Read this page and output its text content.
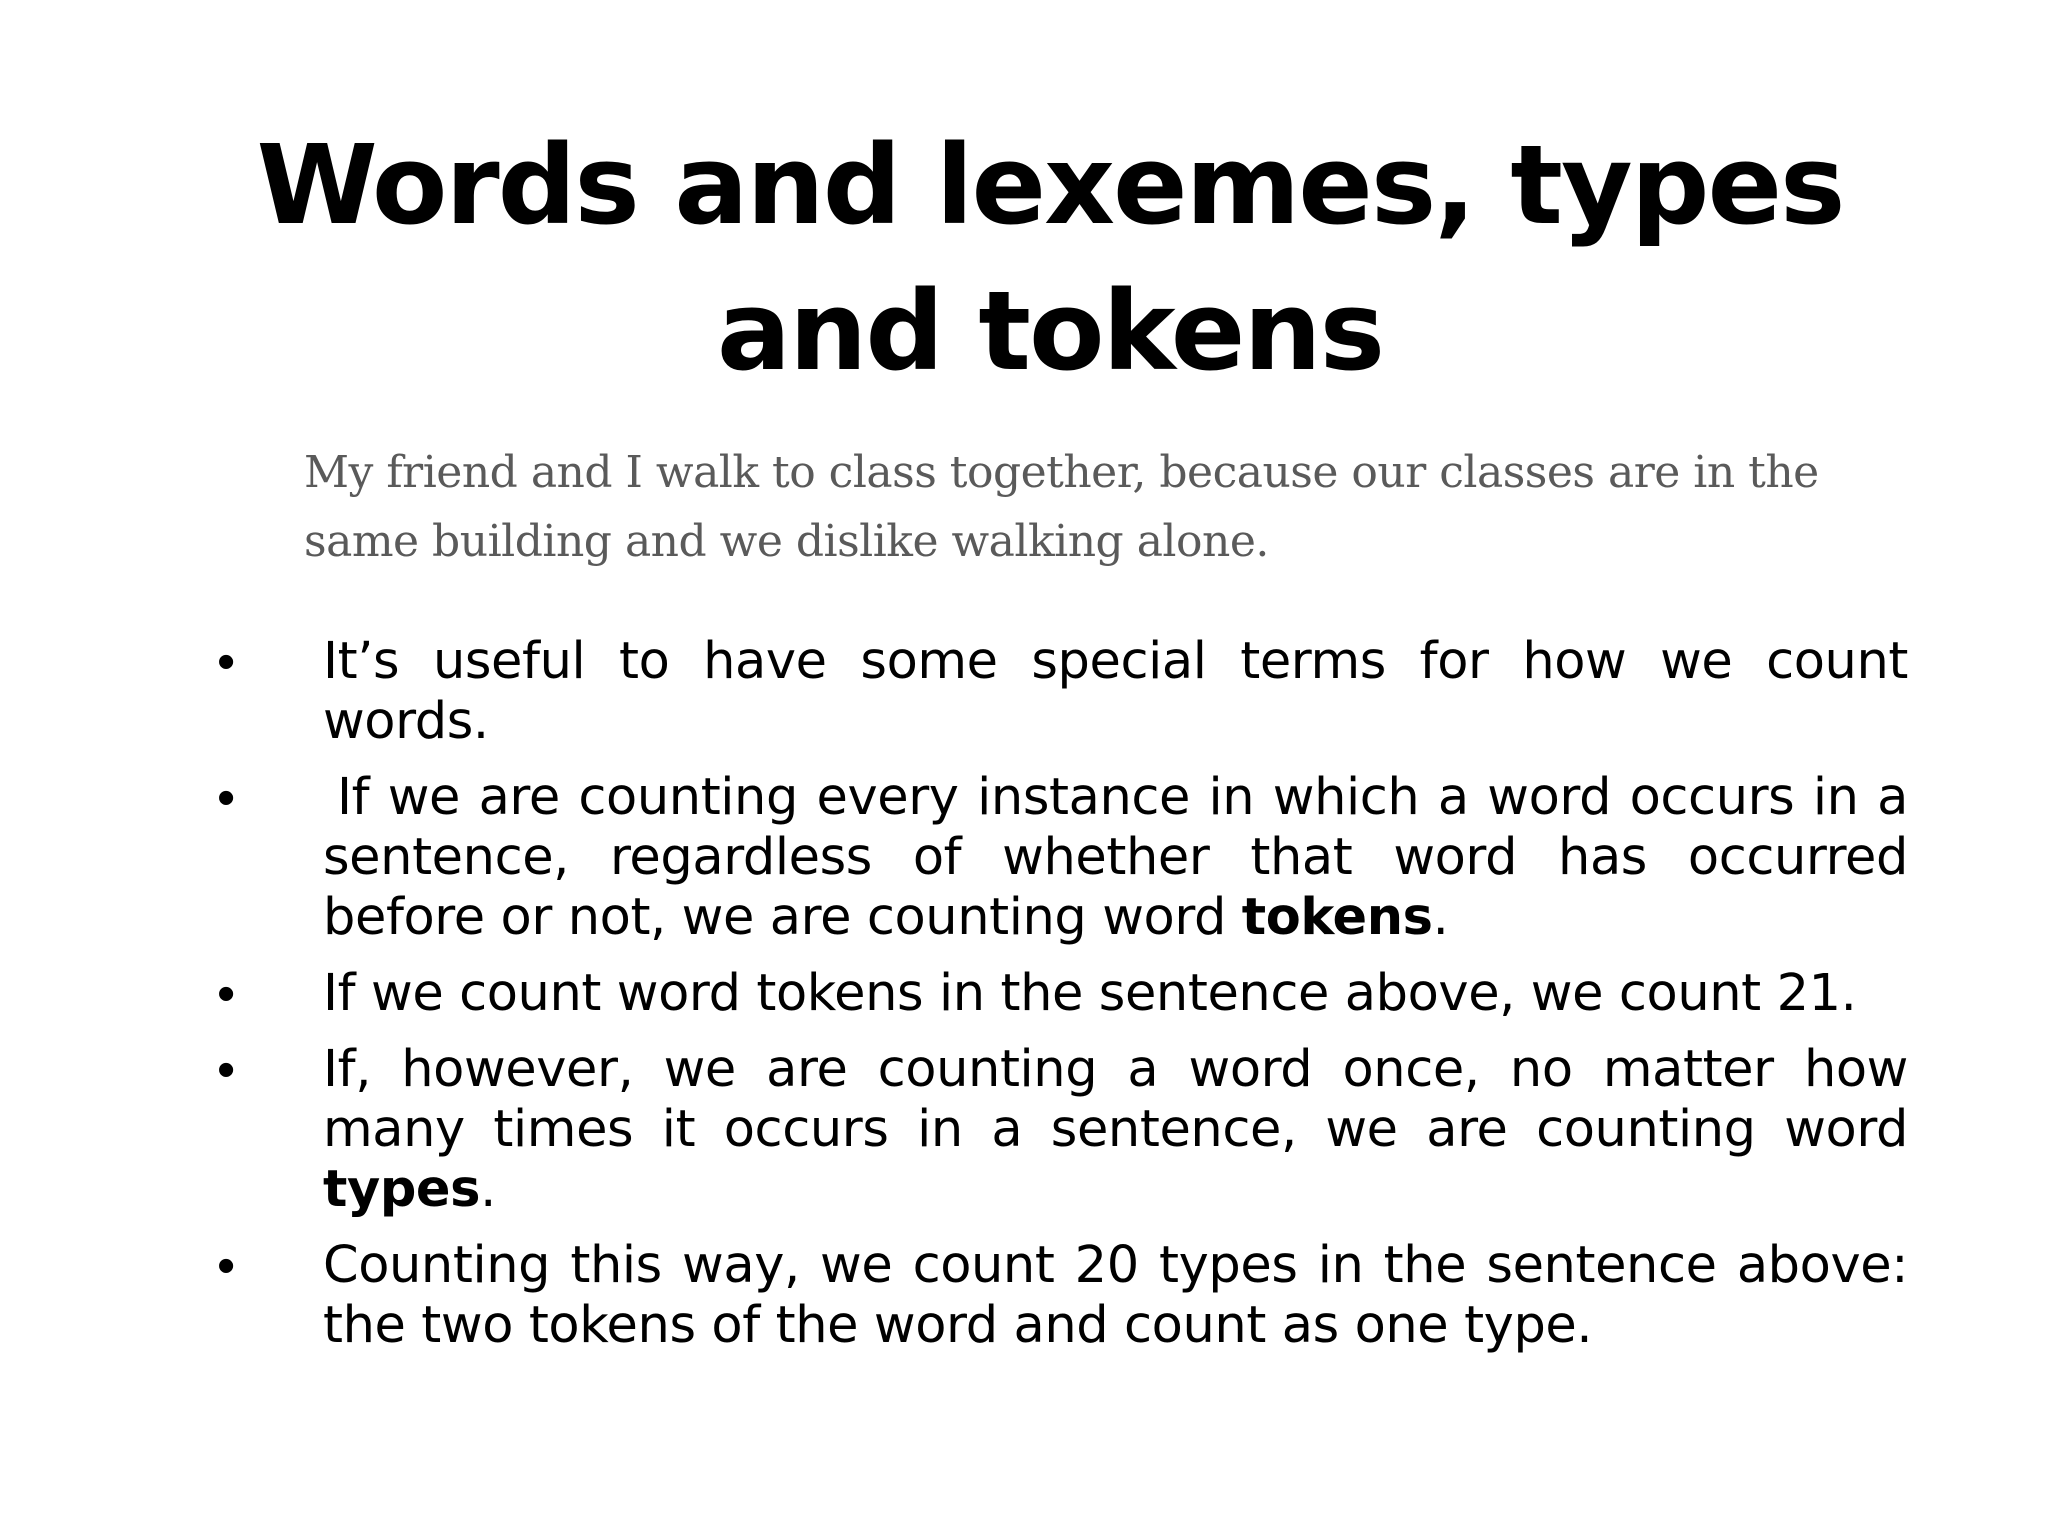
Words and lexemes, types and tokens
My friend and I walk to class together, because our classes are in the
same building and we dislike walking alone.
• It’s useful to have some special terms for how we count words.
• If we are counting every instance in which a word occurs in a sentence, regardless of whether that word has occurred before or not, we are counting word tokens.
• If we count word tokens in the sentence above, we count 21.
• If, however, we are counting a word once, no matter how many times it occurs in a sentence, we are counting word types.
• Counting this way, we count 20 types in the sentence above: the two tokens of the word and count as one type.
